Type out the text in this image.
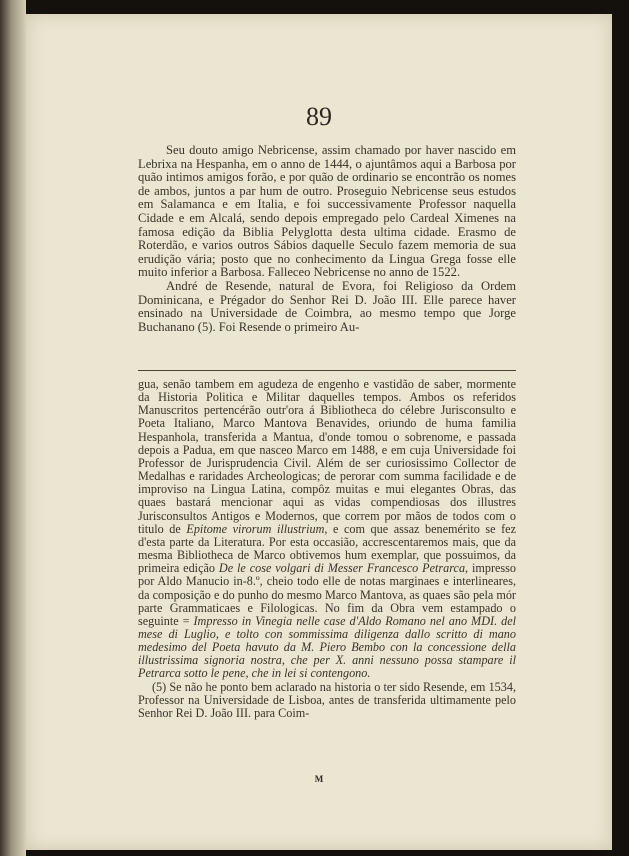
89

Seu douto amigo Nebricense, assim chamado por haver nascido em Lebrixa na Hespanha, em o anno de 1444, o ajuntâmos aqui a Barbosa por quão intimos amigos forão, e por quão de ordinario se encontrão os nomes de ambos, juntos a par hum de outro. Proseguio Nebricense seus estudos em Salamanca e em Italia, e foi successivamente Professor naquella Cidade e em Alcalá, sendo depois empregado pelo Cardeal Ximenes na famosa edição da Biblia Pelyglotta desta ultima cidade. Erasmo de Roterdão, e varios outros Sábios daquelle Seculo fazem memoria de sua erudição vária; posto que no conhecimento da Lingua Grega fosse elle muito inferior a Barbosa. Falleceo Nebricense no anno de 1522.

André de Resende, natural de Evora, foi Religioso da Ordem Dominicana, e Prégador do Senhor Rei D. João III. Elle parece haver ensinado na Universidade de Coimbra, ao mesmo tempo que Jorge Buchanano (5). Foi Resende o primeiro Au-

gua, senão tambem em agudeza de engenho e vastidão de saber, mormente da Historia Politica e Militar daquelles tempos. Ambos os referidos Manuscritos pertencérão outr'ora á Bibliotheca do célebre Jurisconsulto e Poeta Italiano, Marco Mantova Benavides, oriundo de huma familia Hespanhola, transferida a Mantua, d'onde tomou o sobrenome, e passada depois a Padua, em que nasceo Marco em 1488, e em cuja Universidade foi Professor de Jurisprudencia Civil. Além de ser curiosissimo Collector de Medalhas e raridades Archeologicas; de perorar com summa facilidade e de improviso na Lingua Latina, compôz muitas e mui elegantes Obras, das quaes bastará mencionar aqui as vidas compendiosas dos illustres Jurisconsultos Antigos e Modernos, que correm por mãos de todos com o titulo de Epitome virorum illustrium, e com que assaz benemérito se fez d'esta parte da Literatura. Por esta occasião, accrescentaremos mais, que da mesma Bibliotheca de Marco obtivemos hum exemplar, que possuimos, da primeira edição De le cose volgari di Messer Francesco Petrarca, impresso por Aldo Manucio in-8.º, cheio todo elle de notas marginaes e interlineares, da composição e do punho do mesmo Marco Mantova, as quaes são pela mór parte Grammaticaes e Filologicas. No fim da Obra vem estampado o seguinte = Impresso in Vinegia nelle case d'Aldo Romano nel ano MDI. del mese di Luglio, e tolto con sommissima diligenza dallo scritto di mano medesimo del Poeta havuto da M. Piero Bembo con la concessione della illustrissima signoria nostra, che per X. anni nessuno possa stampare il Petrarca sotto le pene, che in lei si contengono.

(5) Se não he ponto bem aclarado na historia o ter sido Resende, em 1534, Professor na Universidade de Lisboa, antes de transferida ultimamente pelo Senhor Rei D. João III. para Coim-

M
